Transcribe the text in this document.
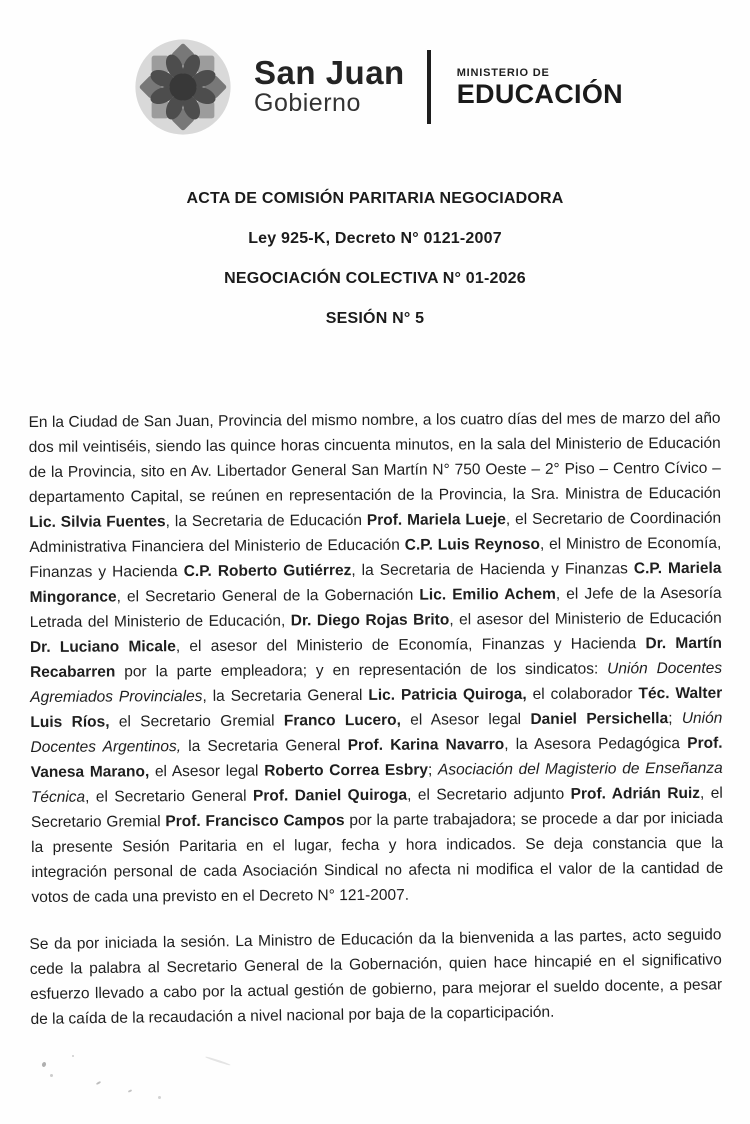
San Juan
Gobierno
MINISTERIO DE
EDUCACIÓN
ACTA DE COMISIÓN PARITARIA NEGOCIADORA
Ley 925-K, Decreto N° 0121-2007
NEGOCIACIÓN COLECTIVA N° 01-2026
SESIÓN N° 5

En la Ciudad de San Juan, Provincia del mismo nombre, a los cuatro días del mes de marzo del año dos mil veintiséis, siendo las quince horas cincuenta minutos, en la sala del Ministerio de Educación de la Provincia, sito en Av. Libertador General San Martín N° 750 Oeste – 2° Piso – Centro Cívico – departamento Capital, se reúnen en representación de la Provincia, la Sra. Ministra de Educación Lic. Silvia Fuentes, la Secretaria de Educación Prof. Mariela Lueje, el Secretario de Coordinación Administrativa Financiera del Ministerio de Educación C.P. Luis Reynoso, el Ministro de Economía, Finanzas y Hacienda C.P. Roberto Gutiérrez, la Secretaria de Hacienda y Finanzas C.P. Mariela Mingorance, el Secretario General de la Gobernación Lic. Emilio Achem, el Jefe de la Asesoría Letrada del Ministerio de Educación, Dr. Diego Rojas Brito, el asesor del Ministerio de Educación Dr. Luciano Micale, el asesor del Ministerio de Economía, Finanzas y Hacienda Dr. Martín Recabarren por la parte empleadora; y en representación de los sindicatos: Unión Docentes Agremiados Provinciales, la Secretaria General Lic. Patricia Quiroga, el colaborador Téc. Walter Luis Ríos, el Secretario Gremial Franco Lucero, el Asesor legal Daniel Persichella; Unión Docentes Argentinos, la Secretaria General Prof. Karina Navarro, la Asesora Pedagógica Prof. Vanesa Marano, el Asesor legal Roberto Correa Esbry; Asociación del Magisterio de Enseñanza Técnica, el Secretario General Prof. Daniel Quiroga, el Secretario adjunto Prof. Adrián Ruiz, el Secretario Gremial Prof. Francisco Campos por la parte trabajadora; se procede a dar por iniciada la presente Sesión Paritaria en el lugar, fecha y hora indicados. Se deja constancia que la integración personal de cada Asociación Sindical no afecta ni modifica el valor de la cantidad de votos de cada una previsto en el Decreto N° 121-2007.

Se da por iniciada la sesión. La Ministro de Educación da la bienvenida a las partes, acto seguido cede la palabra al Secretario General de la Gobernación, quien hace hincapié en el significativo esfuerzo llevado a cabo por la actual gestión de gobierno, para mejorar el sueldo docente, a pesar de la caída de la recaudación a nivel nacional por baja de la coparticipación.
